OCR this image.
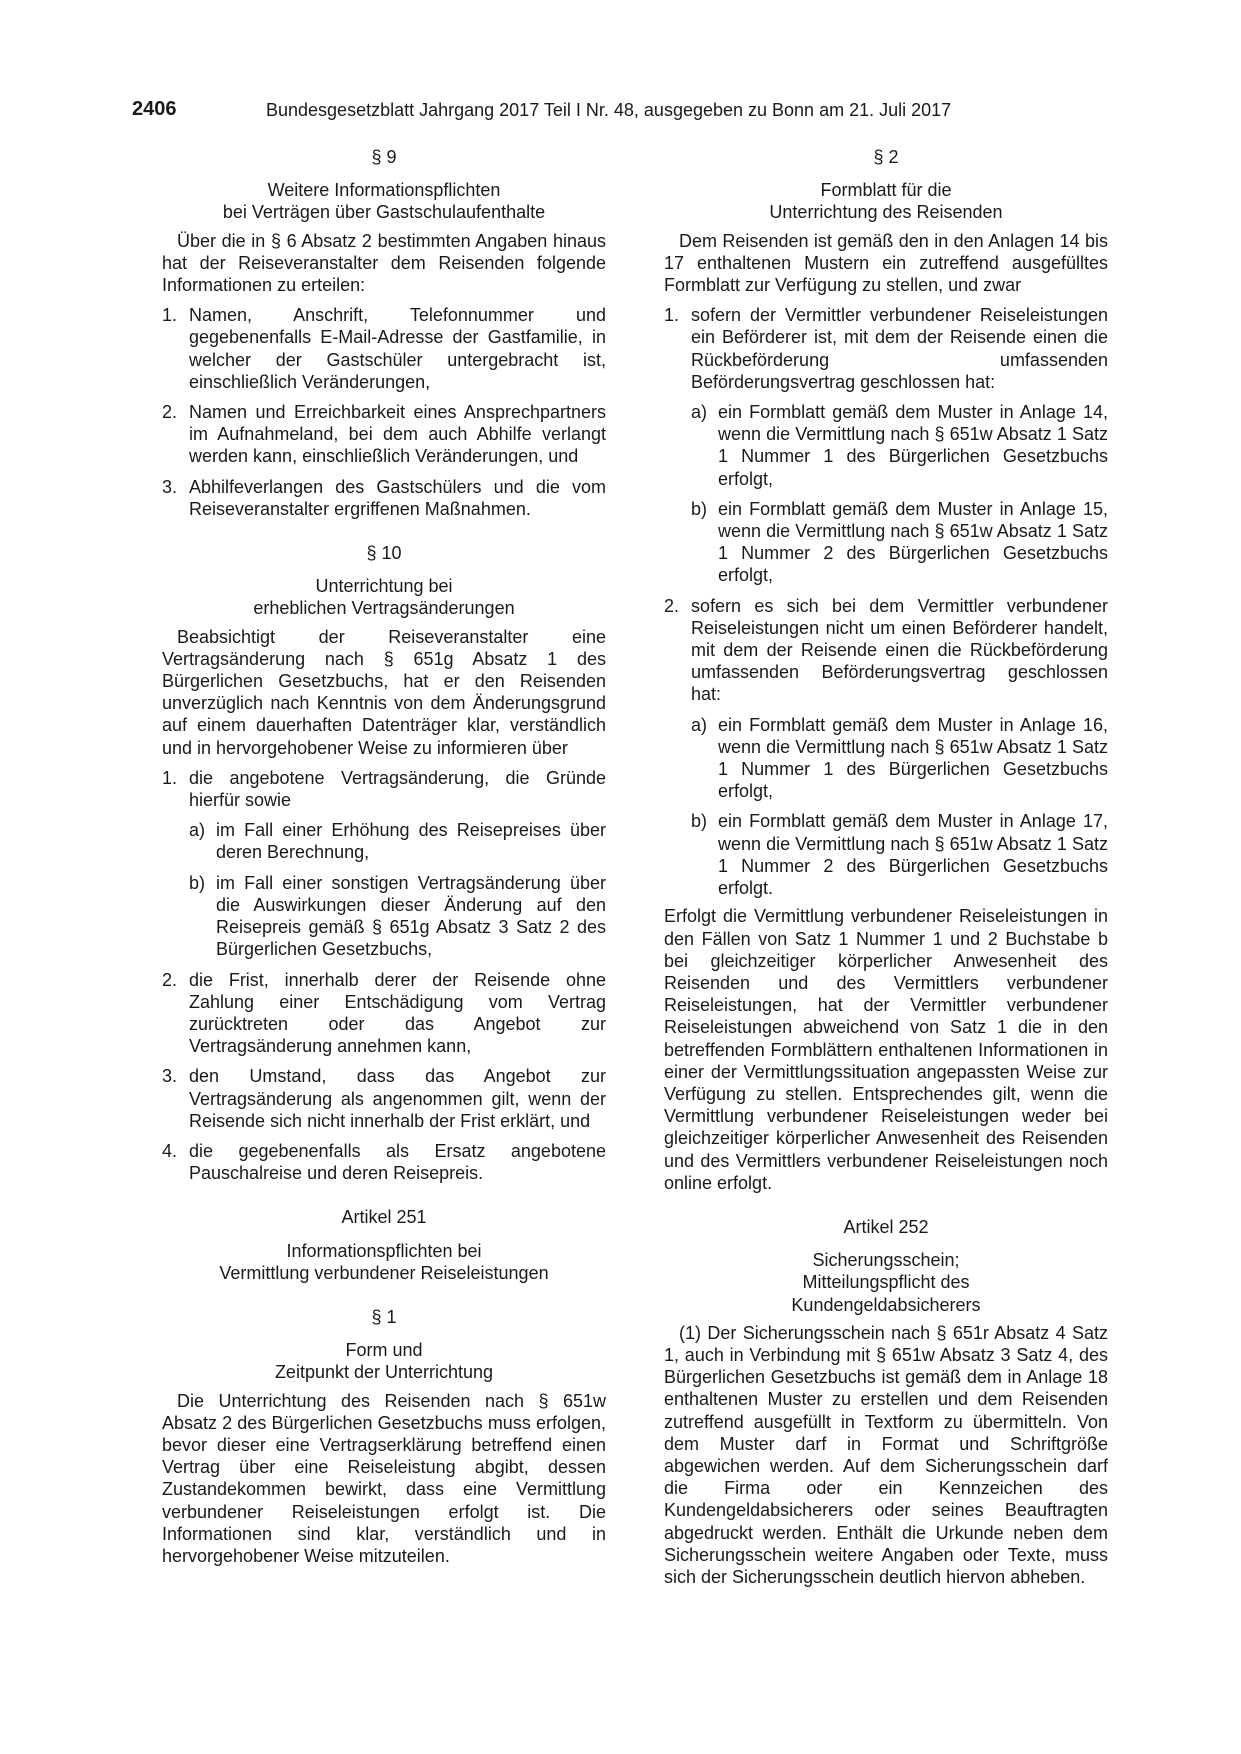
2406	Bundesgesetzblatt Jahrgang 2017 Teil I Nr. 48, ausgegeben zu Bonn am 21. Juli 2017

§ 9

Weitere Informationspflichten
bei Verträgen über Gastschulaufenthalte

Über die in § 6 Absatz 2 bestimmten Angaben hinaus hat der Reiseveranstalter dem Reisenden folgende Informationen zu erteilen:

1. Namen, Anschrift, Telefonnummer und gegebenenfalls E-Mail-Adresse der Gastfamilie, in welcher der Gastschüler untergebracht ist, einschließlich Veränderungen,
2. Namen und Erreichbarkeit eines Ansprechpartners im Aufnahmeland, bei dem auch Abhilfe verlangt werden kann, einschließlich Veränderungen, und
3. Abhilfeverlangen des Gastschülers und die vom Reiseveranstalter ergriffenen Maßnahmen.

§ 10

Unterrichtung bei
erheblichen Vertragsänderungen

Beabsichtigt der Reiseveranstalter eine Vertragsänderung nach § 651g Absatz 1 des Bürgerlichen Gesetzbuchs, hat er den Reisenden unverzüglich nach Kenntnis von dem Änderungsgrund auf einem dauerhaften Datenträger klar, verständlich und in hervorgehobener Weise zu informieren über

1. die angebotene Vertragsänderung, die Gründe hierfür sowie
a) im Fall einer Erhöhung des Reisepreises über deren Berechnung,
b) im Fall einer sonstigen Vertragsänderung über die Auswirkungen dieser Änderung auf den Reisepreis gemäß § 651g Absatz 3 Satz 2 des Bürgerlichen Gesetzbuchs,
2. die Frist, innerhalb derer der Reisende ohne Zahlung einer Entschädigung vom Vertrag zurücktreten oder das Angebot zur Vertragsänderung annehmen kann,
3. den Umstand, dass das Angebot zur Vertragsänderung als angenommen gilt, wenn der Reisende sich nicht innerhalb der Frist erklärt, und
4. die gegebenenfalls als Ersatz angebotene Pauschalreise und deren Reisepreis.

Artikel 251

Informationspflichten bei
Vermittlung verbundener Reiseleistungen

§ 1

Form und
Zeitpunkt der Unterrichtung

Die Unterrichtung des Reisenden nach § 651w Absatz 2 des Bürgerlichen Gesetzbuchs muss erfolgen, bevor dieser eine Vertragserklärung betreffend einen Vertrag über eine Reiseleistung abgibt, dessen Zustandekommen bewirkt, dass eine Vermittlung verbundener Reiseleistungen erfolgt ist. Die Informationen sind klar, verständlich und in hervorgehobener Weise mitzuteilen.

§ 2

Formblatt für die
Unterrichtung des Reisenden

Dem Reisenden ist gemäß den in den Anlagen 14 bis 17 enthaltenen Mustern ein zutreffend ausgefülltes Formblatt zur Verfügung zu stellen, und zwar

1. sofern der Vermittler verbundener Reiseleistungen ein Beförderer ist, mit dem der Reisende einen die Rückbeförderung umfassenden Beförderungsvertrag geschlossen hat:
a) ein Formblatt gemäß dem Muster in Anlage 14, wenn die Vermittlung nach § 651w Absatz 1 Satz 1 Nummer 1 des Bürgerlichen Gesetzbuchs erfolgt,
b) ein Formblatt gemäß dem Muster in Anlage 15, wenn die Vermittlung nach § 651w Absatz 1 Satz 1 Nummer 2 des Bürgerlichen Gesetzbuchs erfolgt,
2. sofern es sich bei dem Vermittler verbundener Reiseleistungen nicht um einen Beförderer handelt, mit dem der Reisende einen die Rückbeförderung umfassenden Beförderungsvertrag geschlossen hat:
a) ein Formblatt gemäß dem Muster in Anlage 16, wenn die Vermittlung nach § 651w Absatz 1 Satz 1 Nummer 1 des Bürgerlichen Gesetzbuchs erfolgt,
b) ein Formblatt gemäß dem Muster in Anlage 17, wenn die Vermittlung nach § 651w Absatz 1 Satz 1 Nummer 2 des Bürgerlichen Gesetzbuchs erfolgt.

Erfolgt die Vermittlung verbundener Reiseleistungen in den Fällen von Satz 1 Nummer 1 und 2 Buchstabe b bei gleichzeitiger körperlicher Anwesenheit des Reisenden und des Vermittlers verbundener Reiseleistungen, hat der Vermittler verbundener Reiseleistungen abweichend von Satz 1 die in den betreffenden Formblättern enthaltenen Informationen in einer der Vermittlungssituation angepassten Weise zur Verfügung zu stellen. Entsprechendes gilt, wenn die Vermittlung verbundener Reiseleistungen weder bei gleichzeitiger körperlicher Anwesenheit des Reisenden und des Vermittlers verbundener Reiseleistungen noch online erfolgt.

Artikel 252

Sicherungsschein;
Mitteilungspflicht des
Kundengeldabsicherers

(1) Der Sicherungsschein nach § 651r Absatz 4 Satz 1, auch in Verbindung mit § 651w Absatz 3 Satz 4, des Bürgerlichen Gesetzbuchs ist gemäß dem in Anlage 18 enthaltenen Muster zu erstellen und dem Reisenden zutreffend ausgefüllt in Textform zu übermitteln. Von dem Muster darf in Format und Schriftgröße abgewichen werden. Auf dem Sicherungsschein darf die Firma oder ein Kennzeichen des Kundengeldabsicherers oder seines Beauftragten abgedruckt werden. Enthält die Urkunde neben dem Sicherungsschein weitere Angaben oder Texte, muss sich der Sicherungsschein deutlich hiervon abheben.
